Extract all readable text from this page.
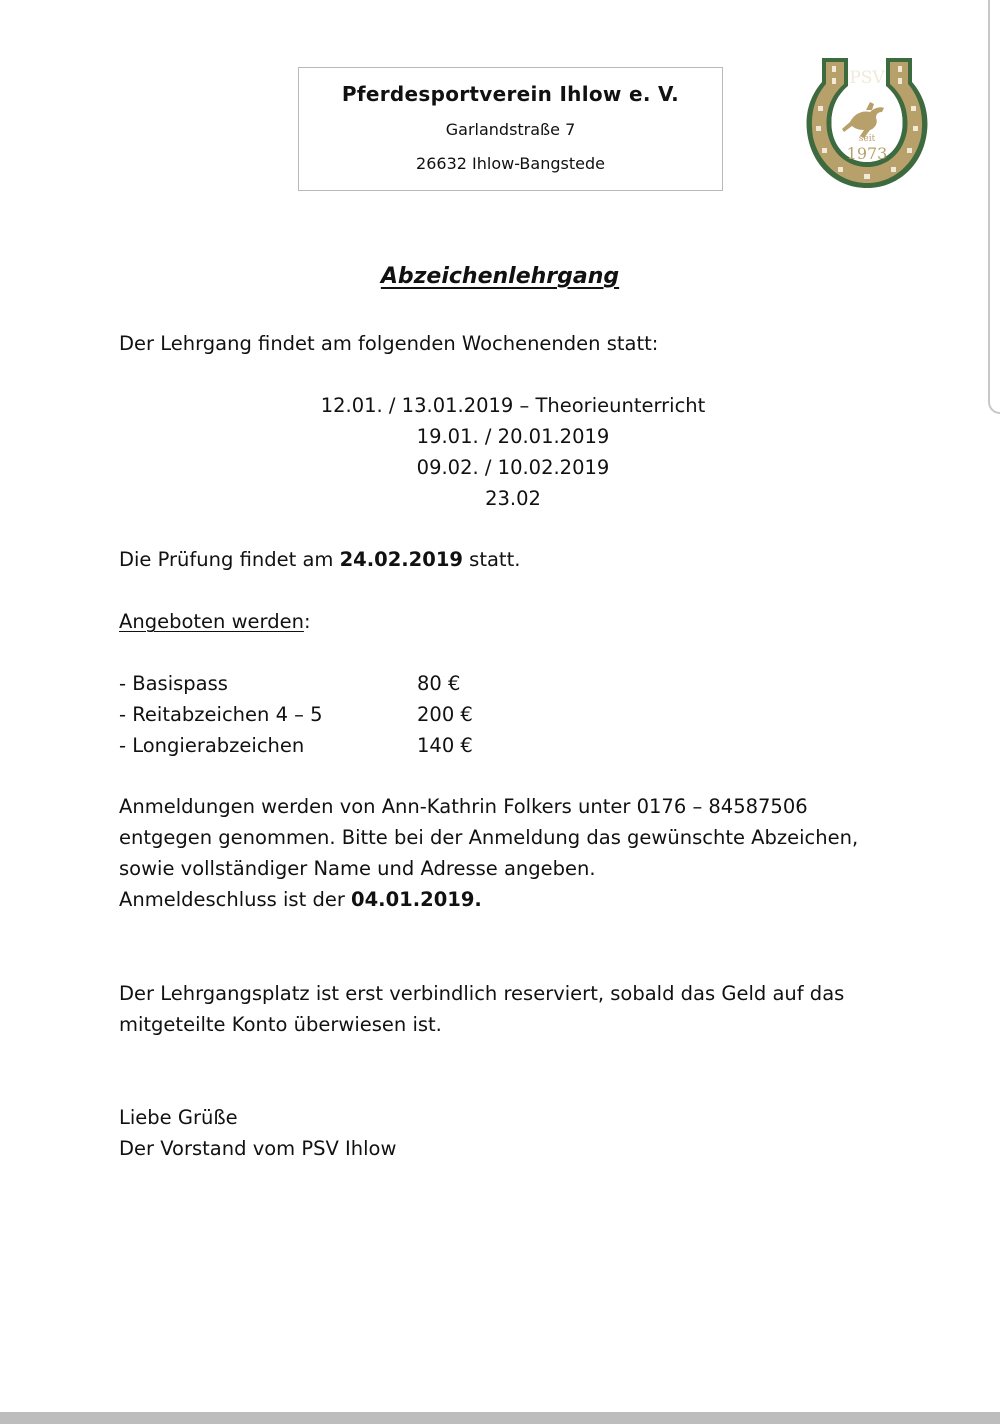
Pferdesportverein Ihlow e. V.
Garlandstraße 7
26632 Ihlow-Bangstede
PSV
seit
1973
Abzeichenlehrgang
Der Lehrgang findet am folgenden Wochenenden statt:
12.01. / 13.01.2019 – Theorieunterricht
19.01. / 20.01.2019
09.02. / 10.02.2019
23.02
Die Prüfung findet am 24.02.2019 statt.
Angeboten werden:
- Basispass	80 €
- Reitabzeichen 4 – 5	200 €
- Longierabzeichen	140 €
Anmeldungen werden von Ann-Kathrin Folkers unter 0176 – 84587506
entgegen genommen. Bitte bei der Anmeldung das gewünschte Abzeichen,
sowie vollständiger Name und Adresse angeben.
Anmeldeschluss ist der 04.01.2019.
Der Lehrgangsplatz ist erst verbindlich reserviert, sobald das Geld auf das
mitgeteilte Konto überwiesen ist.
Liebe Grüße
Der Vorstand vom PSV Ihlow
